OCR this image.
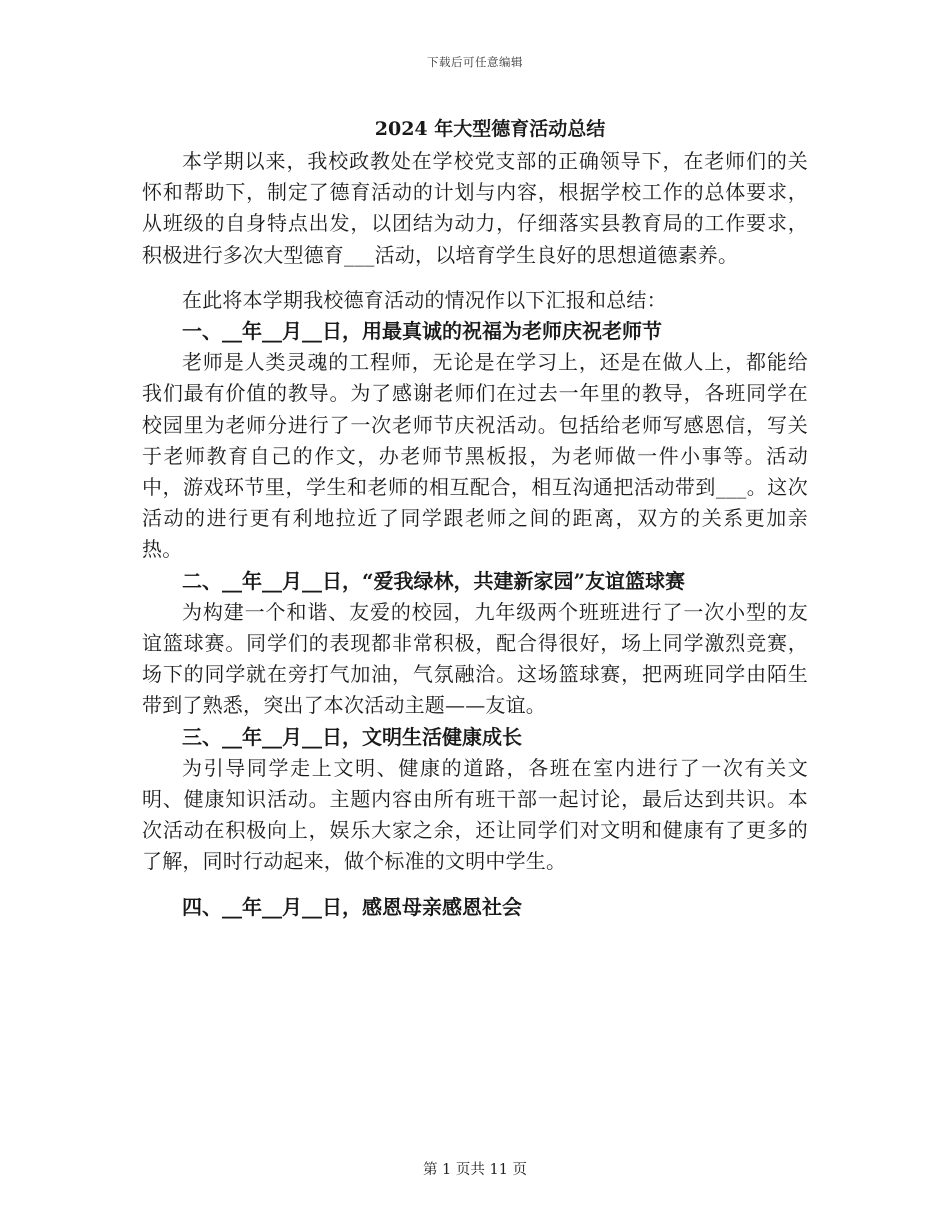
下载后可任意编辑
2024 年大型德育活动总结

本学期以来，我校政教处在学校党支部的正确领导下，在老师们的关怀和帮助下，制定了德育活动的计划与内容，根据学校工作的总体要求，从班级的自身特点出发，以团结为动力，仔细落实县教育局的工作要求，积极进行多次大型德育___活动，以培育学生良好的思想道德素养。

在此将本学期我校德育活动的情况作以下汇报和总结：

一、__年__月__日，用最真诚的祝福为老师庆祝老师节

老师是人类灵魂的工程师，无论是在学习上，还是在做人上，都能给我们最有价值的教导。为了感谢老师们在过去一年里的教导，各班同学在校园里为老师分进行了一次老师节庆祝活动。包括给老师写感恩信，写关于老师教育自己的作文，办老师节黑板报，为老师做一件小事等。活动中，游戏环节里，学生和老师的相互配合，相互沟通把活动带到___。这次活动的进行更有利地拉近了同学跟老师之间的距离，双方的关系更加亲热。

二、__年__月__日，“爱我绿林，共建新家园”友谊篮球赛

为构建一个和谐、友爱的校园，九年级两个班班进行了一次小型的友谊篮球赛。同学们的表现都非常积极，配合得很好，场上同学激烈竞赛，场下的同学就在旁打气加油，气氛融洽。这场篮球赛，把两班同学由陌生带到了熟悉，突出了本次活动主题——友谊。

三、__年__月__日，文明生活健康成长

为引导同学走上文明、健康的道路，各班在室内进行了一次有关文明、健康知识活动。主题内容由所有班干部一起讨论，最后达到共识。本次活动在积极向上，娱乐大家之余，还让同学们对文明和健康有了更多的了解，同时行动起来，做个标准的文明中学生。

四、__年__月__日，感恩母亲感恩社会

第 1 页共 11 页
